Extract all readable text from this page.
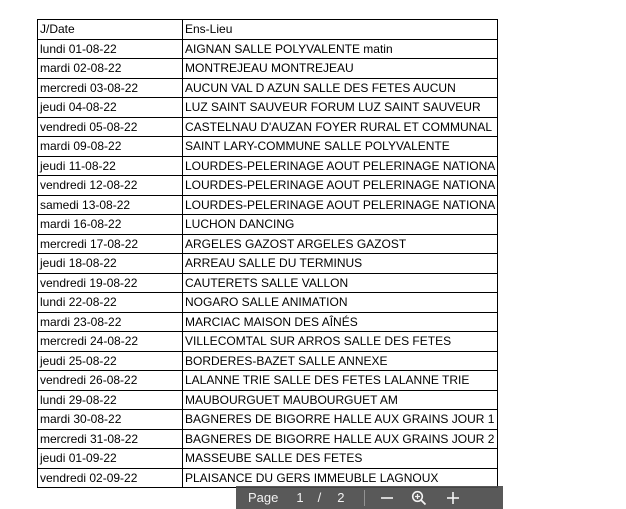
J/Date	Ens-Lieu
lundi 01-08-22	AIGNAN SALLE POLYVALENTE matin
mardi 02-08-22	MONTREJEAU MONTREJEAU
mercredi 03-08-22	AUCUN VAL D AZUN SALLE DES FETES AUCUN
jeudi 04-08-22	LUZ SAINT SAUVEUR FORUM LUZ SAINT SAUVEUR
vendredi 05-08-22	CASTELNAU D'AUZAN FOYER RURAL ET COMMUNAL
mardi 09-08-22	SAINT LARY-COMMUNE SALLE POLYVALENTE
jeudi 11-08-22	LOURDES-PELERINAGE AOUT PELERINAGE NATIONA
vendredi 12-08-22	LOURDES-PELERINAGE AOUT PELERINAGE NATIONA
samedi 13-08-22	LOURDES-PELERINAGE AOUT PELERINAGE NATIONA
mardi 16-08-22	LUCHON DANCING
mercredi 17-08-22	ARGELES GAZOST ARGELES GAZOST
jeudi 18-08-22	ARREAU SALLE DU TERMINUS
vendredi 19-08-22	CAUTERETS SALLE VALLON
lundi 22-08-22	NOGARO SALLE ANIMATION
mardi 23-08-22	MARCIAC MAISON DES AÎNÉS
mercredi 24-08-22	VILLECOMTAL SUR ARROS SALLE DES FETES
jeudi 25-08-22	BORDERES-BAZET SALLE ANNEXE
vendredi 26-08-22	LALANNE TRIE SALLE DES FETES LALANNE TRIE
lundi 29-08-22	MAUBOURGUET MAUBOURGUET AM
mardi 30-08-22	BAGNERES DE BIGORRE HALLE AUX GRAINS JOUR 1
mercredi 31-08-22	BAGNERES DE BIGORRE HALLE AUX GRAINS JOUR 2
jeudi 01-09-22	MASSEUBE SALLE DES FETES
vendredi 02-09-22	PLAISANCE DU GERS IMMEUBLE LAGNOUX
Page 1 / 2
